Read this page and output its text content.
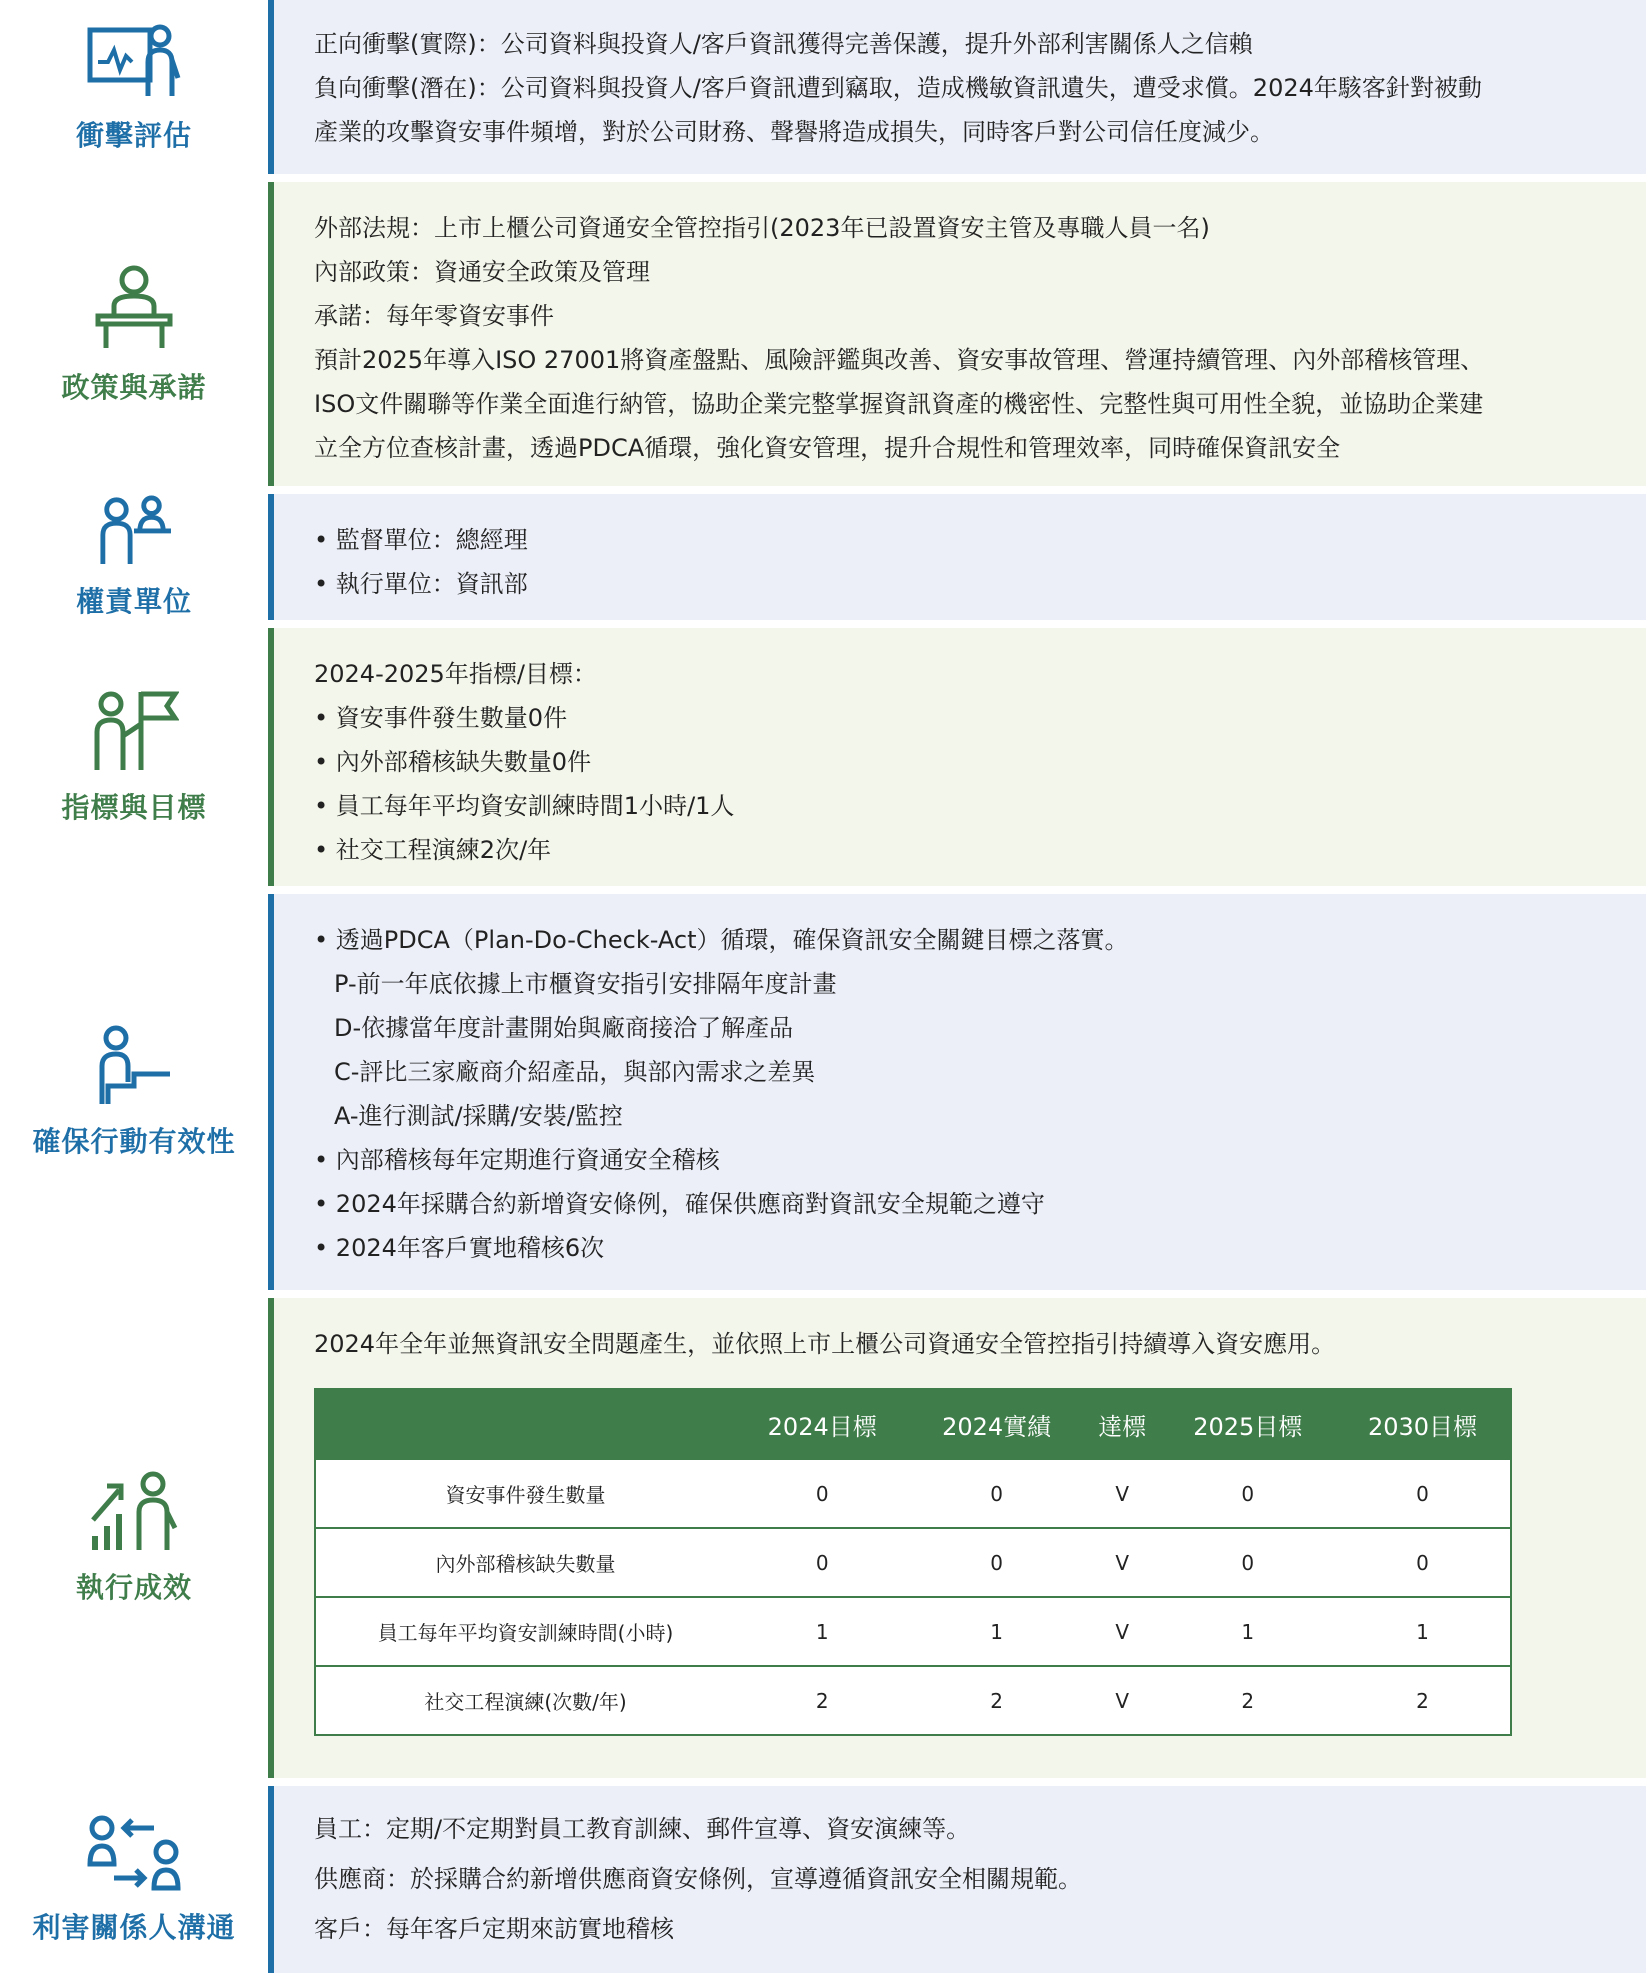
衝擊評估
正向衝擊(實際)：公司資料與投資人/客戶資訊獲得完善保護，提升外部利害關係人之信賴
負向衝擊(潛在)：公司資料與投資人/客戶資訊遭到竊取，造成機敏資訊遺失，遭受求償。2024年駭客針對被動
產業的攻擊資安事件頻增，對於公司財務、聲譽將造成損失，同時客戶對公司信任度減少。
政策與承諾
外部法規：上市上櫃公司資通安全管控指引(2023年已設置資安主管及專職人員一名)
內部政策：資通安全政策及管理
承諾：每年零資安事件
預計2025年導入ISO 27001將資產盤點、風險評鑑與改善、資安事故管理、營運持續管理、內外部稽核管理、
ISO文件關聯等作業全面進行納管，協助企業完整掌握資訊資產的機密性、完整性與可用性全貌，並協助企業建
立全方位查核計畫，透過PDCA循環，強化資安管理，提升合規性和管理效率，同時確保資訊安全
權責單位
• 監督單位：總經理
• 執行單位：資訊部
指標與目標
2024-2025年指標/目標：
• 資安事件發生數量0件
• 內外部稽核缺失數量0件
• 員工每年平均資安訓練時間1小時/1人
• 社交工程演練2次/年
確保行動有效性
• 透過PDCA（Plan-Do-Check-Act）循環，確保資訊安全關鍵目標之落實。
P-前一年底依據上市櫃資安指引安排隔年度計畫
D-依據當年度計畫開始與廠商接洽了解產品
C-評比三家廠商介紹產品，與部內需求之差異
A-進行測試/採購/安裝/監控
• 內部稽核每年定期進行資通安全稽核
• 2024年採購合約新增資安條例，確保供應商對資訊安全規範之遵守
• 2024年客戶實地稽核6次
執行成效
2024年全年並無資訊安全問題產生，並依照上市上櫃公司資通安全管控指引持續導入資安應用。
	2024目標	2024實績	達標	2025目標	2030目標
資安事件發生數量	0	0	V	0	0
內外部稽核缺失數量	0	0	V	0	0
員工每年平均資安訓練時間(小時)	1	1	V	1	1
社交工程演練(次數/年)	2	2	V	2	2
利害關係人溝通
員工：定期/不定期對員工教育訓練、郵件宣導、資安演練等。
供應商：於採購合約新增供應商資安條例，宣導遵循資訊安全相關規範。
客戶：每年客戶定期來訪實地稽核
